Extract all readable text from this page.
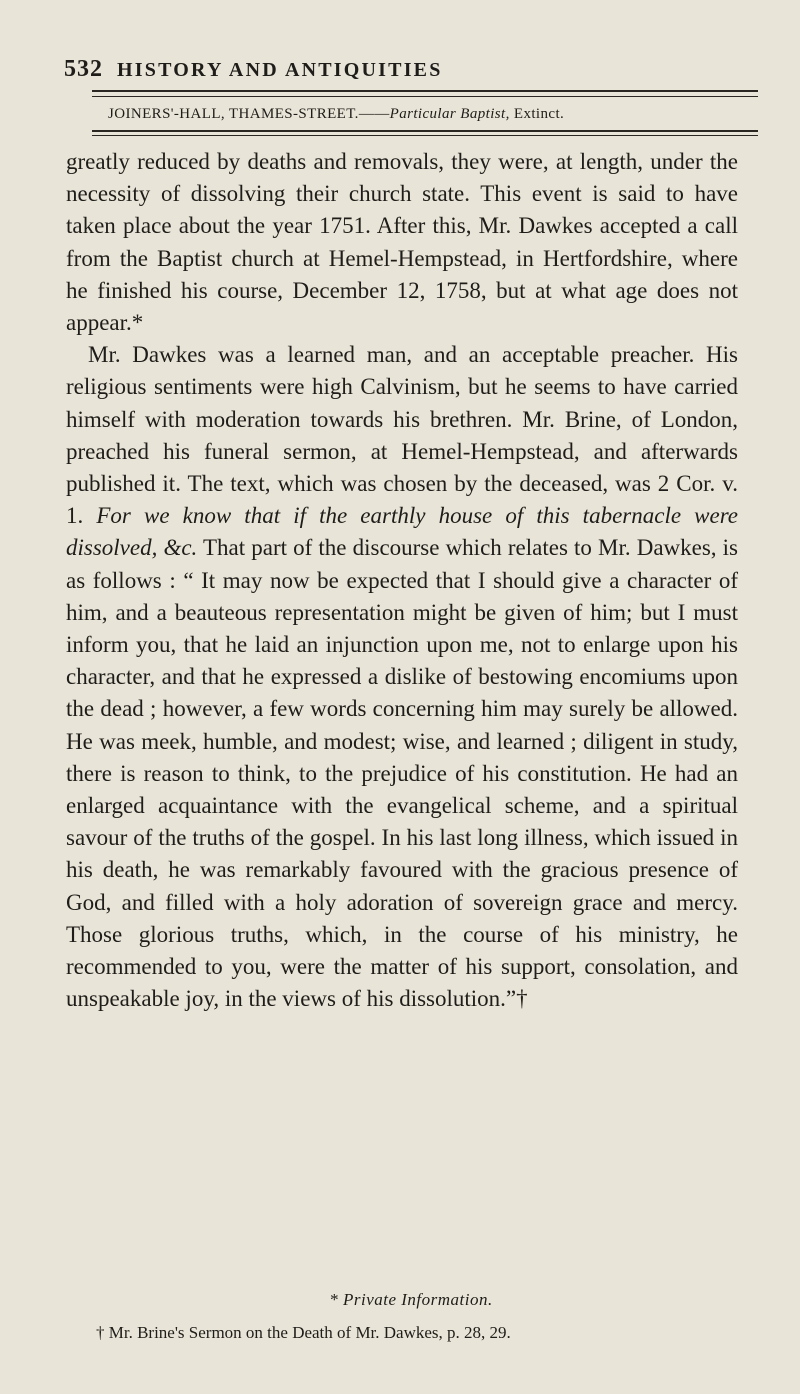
532 HISTORY AND ANTIQUITIES
JOINERS'-HALL, THAMES-STREET.——Particular Baptist, Extinct.

greatly reduced by deaths and removals, they were, at length, under the necessity of dissolving their church state. This event is said to have taken place about the year 1751. After this, Mr. Dawkes accepted a call from the Baptist church at Hemel-Hempstead, in Hertfordshire, where he finished his course, December 12, 1758, but at what age does not appear.*

Mr. Dawkes was a learned man, and an acceptable preacher. His religious sentiments were high Calvinism, but he seems to have carried himself with moderation towards his brethren. Mr. Brine, of London, preached his funeral sermon, at Hemel-Hempstead, and afterwards published it. The text, which was chosen by the deceased, was 2 Cor. v. 1. For we know that if the earthly house of this tabernacle were dissolved, &c. That part of the discourse which relates to Mr. Dawkes, is as follows : “ It may now be expected that I should give a character of him, and a beauteous representation might be given of him; but I must inform you, that he laid an injunction upon me, not to enlarge upon his character, and that he expressed a dislike of bestowing encomiums upon the dead ; however, a few words concerning him may surely be allowed. He was meek, humble, and modest; wise, and learned ; diligent in study, there is reason to think, to the prejudice of his constitution. He had an enlarged acquaintance with the evangelical scheme, and a spiritual savour of the truths of the gospel. In his last long illness, which issued in his death, he was remarkably favoured with the gracious presence of God, and filled with a holy adoration of sovereign grace and mercy. Those glorious truths, which, in the course of his ministry, he recommended to you, were the matter of his support, consolation, and unspeakable joy, in the views of his dissolution.”†

* Private Information.
† Mr. Brine's Sermon on the Death of Mr. Dawkes, p. 28, 29.
